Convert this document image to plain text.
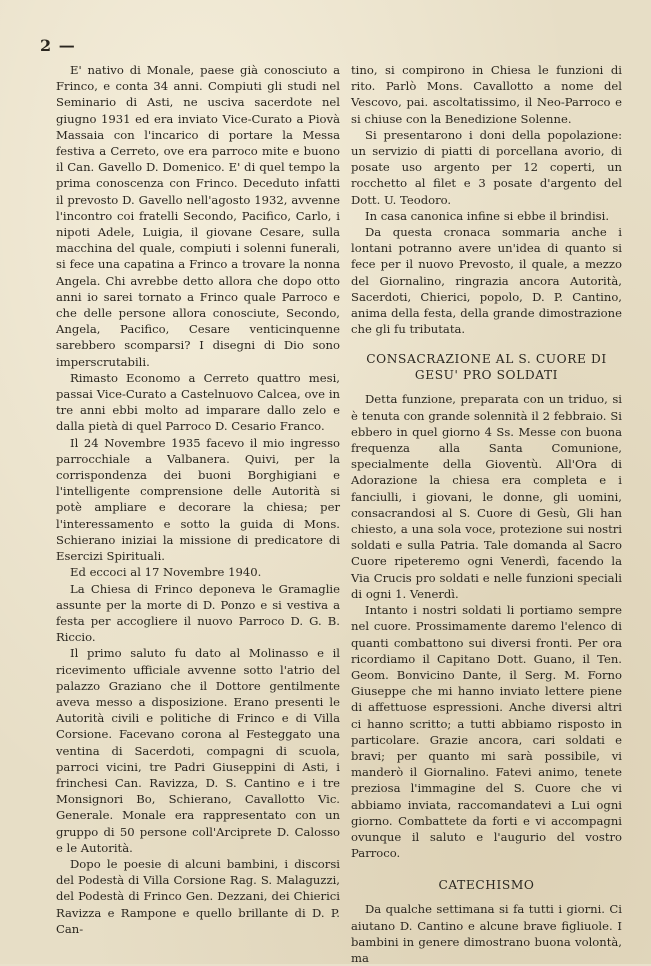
2 —

E' nativo di Monale, paese già conosciuto a Frinco, e conta 34 anni. Compiuti gli studi nel Seminario di Asti, ne usciva sacerdote nel giugno 1931 ed era inviato Vice-Curato a Piovà Massaia con l'incarico di portare la Messa festiva a Cerreto, ove era parroco mite e buono il Can. Gavello D. Domenico. E' di quel tempo la prima conoscenza con Frinco. Deceduto infatti il prevosto D. Gavello nell'agosto 1932, avvenne l'incontro coi fratelli Secondo, Pacifico, Carlo, i nipoti Adele, Luigia, il giovane Cesare, sulla macchina del quale, compiuti i solenni funerali, si fece una capatina a Frinco a trovare la nonna Angela. Chi avrebbe detto allora che dopo otto anni io sarei tornato a Frinco quale Parroco e che delle persone allora conosciute, Secondo, Angela, Pacifico, Cesare venticinquenne sarebbero scomparsi? I disegni di Dio sono imperscrutabili.

Rimasto Economo a Cerreto quattro mesi, passai Vice-Curato a Castelnuovo Calcea, ove in tre anni ebbi molto ad imparare dallo zelo e dalla pietà di quel Parroco D. Cesario Franco.

Il 24 Novembre 1935 facevo il mio ingresso parrocchiale a Valbanera. Quivi, per la corrispondenza dei buoni Borghigiani e l'intelligente comprensione delle Autorità si potè ampliare e decorare la chiesa; per l'interessamento e sotto la guida di Mons. Schierano iniziai la missione di predicatore di Esercizi Spirituali.

Ed eccoci al 17 Novembre 1940.

La Chiesa di Frinco deponeva le Gramaglie assunte per la morte di D. Ponzo e si vestiva a festa per accogliere il nuovo Parroco D. G. B. Riccio.

Il primo saluto fu dato al Molinasso e il ricevimento ufficiale avvenne sotto l'atrio del palazzo Graziano che il Dottore gentilmente aveva messo a disposizione. Erano presenti le Autorità civili e politiche di Frinco e di Villa Corsione. Facevano corona al Festeggato una ventina di Sacerdoti, compagni di scuola, parroci vicini, tre Padri Giuseppini di Asti, i frinchesi Can. Ravizza, D. S. Cantino e i tre Monsignori Bo, Schierano, Cavallotto Vic. Generale. Monale era rappresentato con un gruppo di 50 persone coll'Arciprete D. Calosso e le Autorità.

Dopo le poesie di alcuni bambini, i discorsi del Podestà di Villa Corsione Rag. S. Malaguzzi, del Podestà di Frinco Gen. Dezzani, dei Chierici Ravizza e Rampone e quello brillante di D. P. Can-

tino, si compirono in Chiesa le funzioni di rito. Parlò Mons. Cavallotto a nome del Vescovo, pai. ascoltatissimo, il Neo-Parroco e si chiuse con la Benedizione Solenne.

Si presentarono i doni della popolazione: un servizio di piatti di porcellana avorio, di posate uso argento per 12 coperti, un rocchetto al filet e 3 posate d'argento del Dott. U. Teodoro.

In casa canonica infine si ebbe il brindisi.

Da questa cronaca sommaria anche i lontani potranno avere un'idea di quanto si fece per il nuovo Prevosto, il quale, a mezzo del Giornalino, ringrazia ancora Autorità, Sacerdoti, Chierici, popolo, D. P. Cantino, anima della festa, della grande dimostrazione che gli fu tributata.

CONSACRAZIONE AL S. CUORE DI GESU' PRO SOLDATI

Detta funzione, preparata con un triduo, si è tenuta con grande solennità il 2 febbraio. Si ebbero in quel giorno 4 Ss. Messe con buona frequenza alla Santa Comunione, specialmente della Gioventù. All'Ora di Adorazione la chiesa era completa e i fanciulli, i giovani, le donne, gli uomini, consacrandosi al S. Cuore di Gesù, Gli han chiesto, a una sola voce, protezione sui nostri soldati e sulla Patria. Tale domanda al Sacro Cuore ripeteremo ogni Venerdì, facendo la Via Crucis pro soldati e nelle funzioni speciali di ogni 1. Venerdì.

Intanto i nostri soldati li portiamo sempre nel cuore. Prossimamente daremo l'elenco di quanti combattono sui diversi fronti. Per ora ricordiamo il Capitano Dott. Guano, il Ten. Geom. Bonvicino Dante, il Serg. M. Forno Giuseppe che mi hanno inviato lettere piene di affettuose espressioni. Anche diversi altri ci hanno scritto; a tutti abbiamo risposto in particolare. Grazie ancora, cari soldati e bravi; per quanto mi sarà possibile, vi manderò il Giornalino. Fatevi animo, tenete preziosa l'immagine del S. Cuore che vi abbiamo inviata, raccomandatevi a Lui ogni giorno. Combattete da forti e vi accompagni ovunque il saluto e l'augurio del vostro Parroco.

CATECHISMO

Da qualche settimana si fa tutti i giorni. Ci aiutano D. Cantino e alcune brave figliuole. I bambini in genere dimostrano buona volontà, ma
